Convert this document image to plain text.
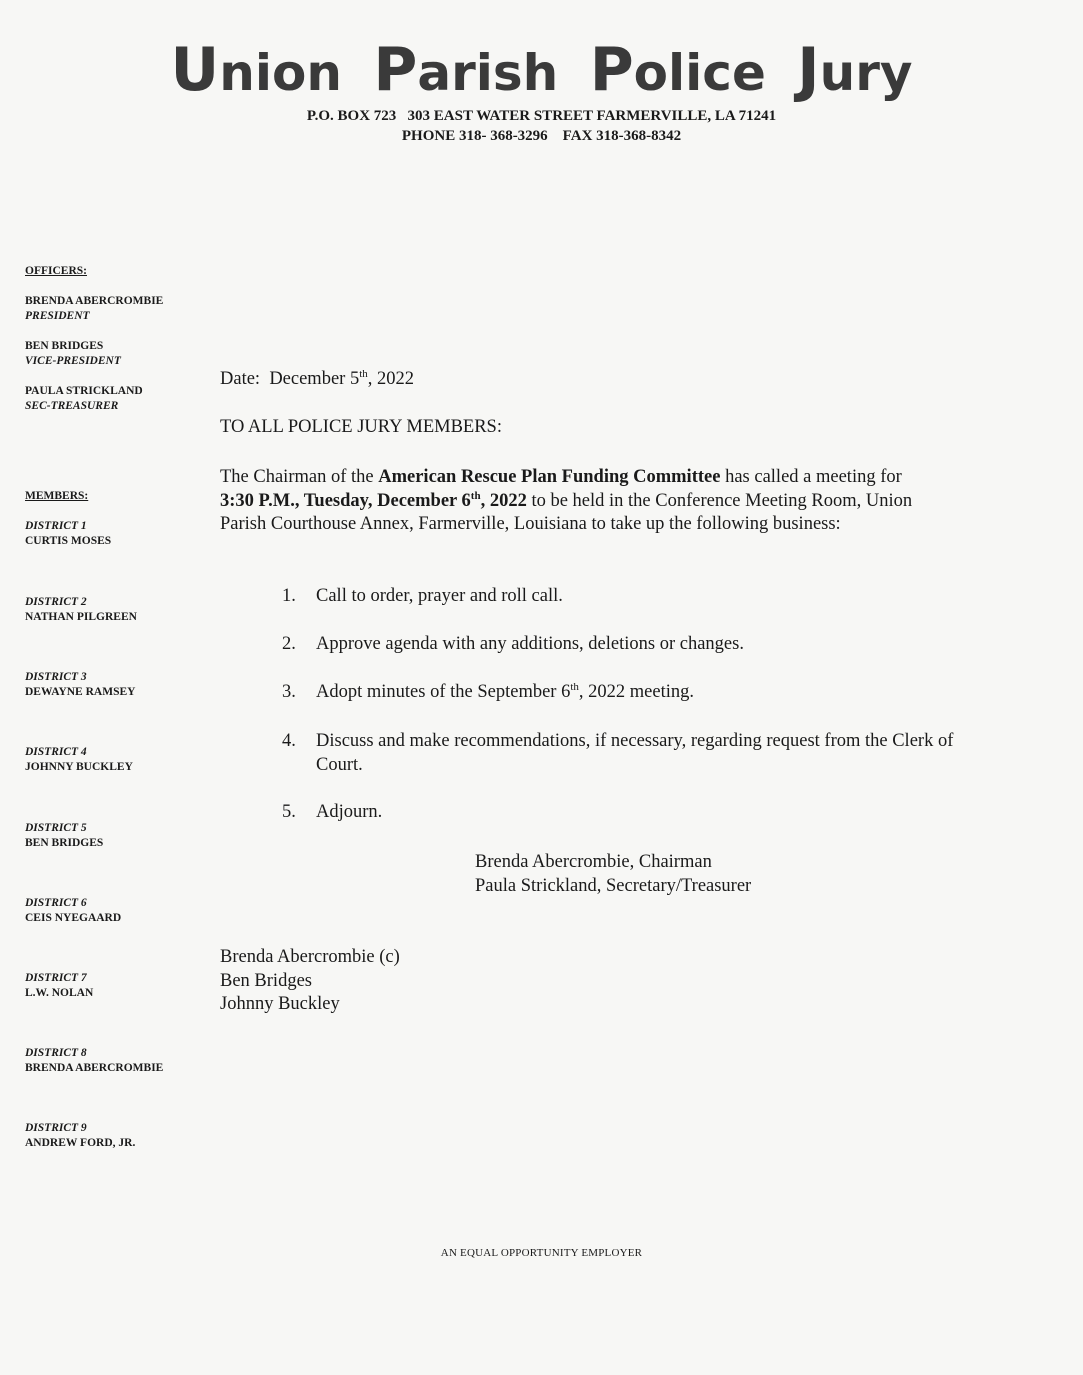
Union Parish Police Jury
P.O. BOX 723   303 EAST WATER STREET FARMERVILLE, LA 71241
PHONE 318- 368-3296    FAX 318-368-8342
OFFICERS:
BRENDA ABERCROMBIE
PRESIDENT
BEN BRIDGES
VICE-PRESIDENT
PAULA STRICKLAND
SEC-TREASURER
MEMBERS:
DISTRICT 1
CURTIS MOSES
DISTRICT 2
NATHAN PILGREEN
DISTRICT 3
DEWAYNE RAMSEY
DISTRICT 4
JOHNNY BUCKLEY
DISTRICT 5
BEN BRIDGES
DISTRICT 6
CEIS NYEGAARD
DISTRICT 7
L.W. NOLAN
DISTRICT 8
BRENDA ABERCROMBIE
DISTRICT 9
ANDREW FORD, JR.
Date: December 5th, 2022
TO ALL POLICE JURY MEMBERS:
The Chairman of the American Rescue Plan Funding Committee has called a meeting for 3:30 P.M., Tuesday, December 6th, 2022 to be held in the Conference Meeting Room, Union Parish Courthouse Annex, Farmerville, Louisiana to take up the following business:
1.	Call to order, prayer and roll call.
2.	Approve agenda with any additions, deletions or changes.
3.	Adopt minutes of the September 6th, 2022 meeting.
4.	Discuss and make recommendations, if necessary, regarding request from the Clerk of Court.
5.	Adjourn.
Brenda Abercrombie, Chairman
Paula Strickland, Secretary/Treasurer
Brenda Abercrombie (c)
Ben Bridges
Johnny Buckley
AN EQUAL OPPORTUNITY EMPLOYER
